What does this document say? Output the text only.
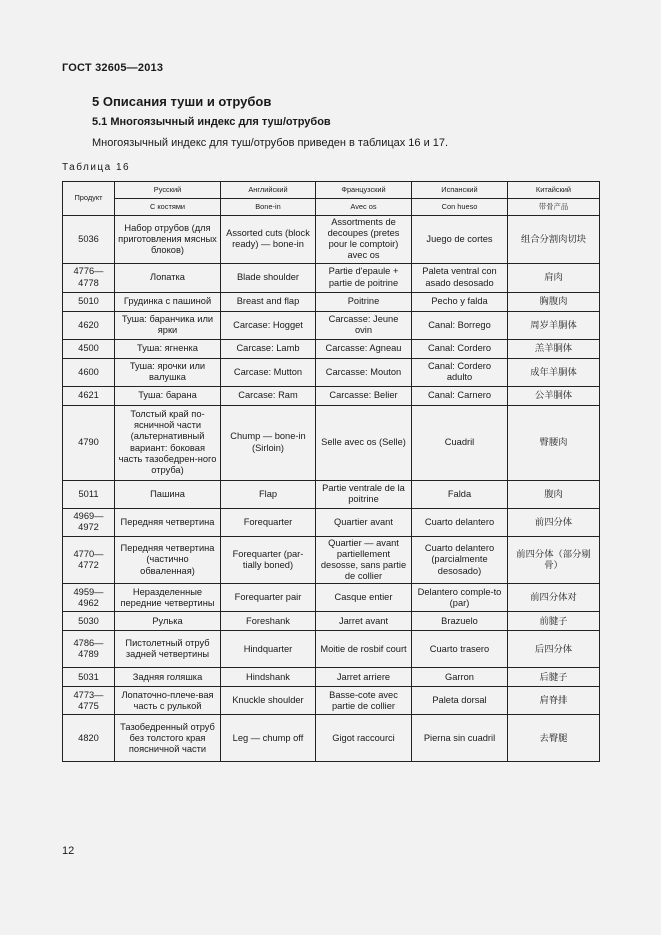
ГОСТ 32605—2013
5 Описания туши и отрубов
5.1 Многоязычный индекс для туш/отрубов
Многоязычный индекс для туш/отрубов приведен в таблицах 16 и 17.
Таблица 16
Продукт	Русский	Английский	Французский	Испанский	Китайский
	С костями	Bone-in	Avec os	Con hueso	带骨产品
5036	Набор отрубов (для приготовления мясных блоков)	Assorted cuts (block ready) — bone-in	Assortments de decoupes (pretes pour le comptoir) avec os	Juego de cortes	组合分割肉切块
4776—4778	Лопатка	Blade shoulder	Partie d'epaule + partie de poitrine	Paleta ventral con asado desosado	肩肉
5010	Грудинка с пашиной	Breast and flap	Poitrine	Pecho y falda	胸腹肉
4620	Туша: баранчика или ярки	Carcase: Hogget	Carcasse: Jeune ovin	Canal: Borrego	周岁羊胴体
4500	Туша: ягненка	Carcase: Lamb	Carcasse: Agneau	Canal: Cordero	羔羊胴体
4600	Туша: ярочки или валушка	Carcase: Mutton	Carcasse: Mouton	Canal: Cordero adulto	成年羊胴体
4621	Туша: барана	Carcase: Ram	Carcasse: Belier	Canal: Carnero	公羊胴体
4790	Толстый край по-ясничной части (альтернативный вариант: боковая часть тазобедрен-ного отруба)	Chump — bone-in (Sirloin)	Selle avec os (Selle)	Cuadril	臀腰肉
5011	Пашина	Flap	Partie ventrale de la poitrine	Falda	腹肉
4969—4972	Передняя четвертина	Forequarter	Quartier avant	Cuarto delantero	前四分体
4770—4772	Передняя четвертина (частично обваленная)	Forequarter (par-tially boned)	Quartier — avant partiellement desosse, sans partie de collier	Cuarto delantero (parcialmente desosado)	前四分体（部分剔骨）
4959—4962	Неразделенные передние четвертины	Forequarter pair	Casque entier	Delantero comple-to (par)	前四分体对
5030	Рулька	Foreshank	Jarret avant	Brazuelo	前腱子
4786—4789	Пистолетный отруб задней четвертины	Hindquarter	Moitie de rosbif court	Cuarto trasero	后四分体
5031	Задняя голяшка	Hindshank	Jarret arriere	Garron	后腱子
4773—4775	Лопаточно-плече-вая часть с рулькой	Knuckle shoulder	Basse-cote avec partie de collier	Paleta dorsal	肩脊排
4820	Тазобедренный отруб без толстого края поясничной части	Leg — chump off	Gigot raccourci	Pierna sin cuadril	去臀腿
12
